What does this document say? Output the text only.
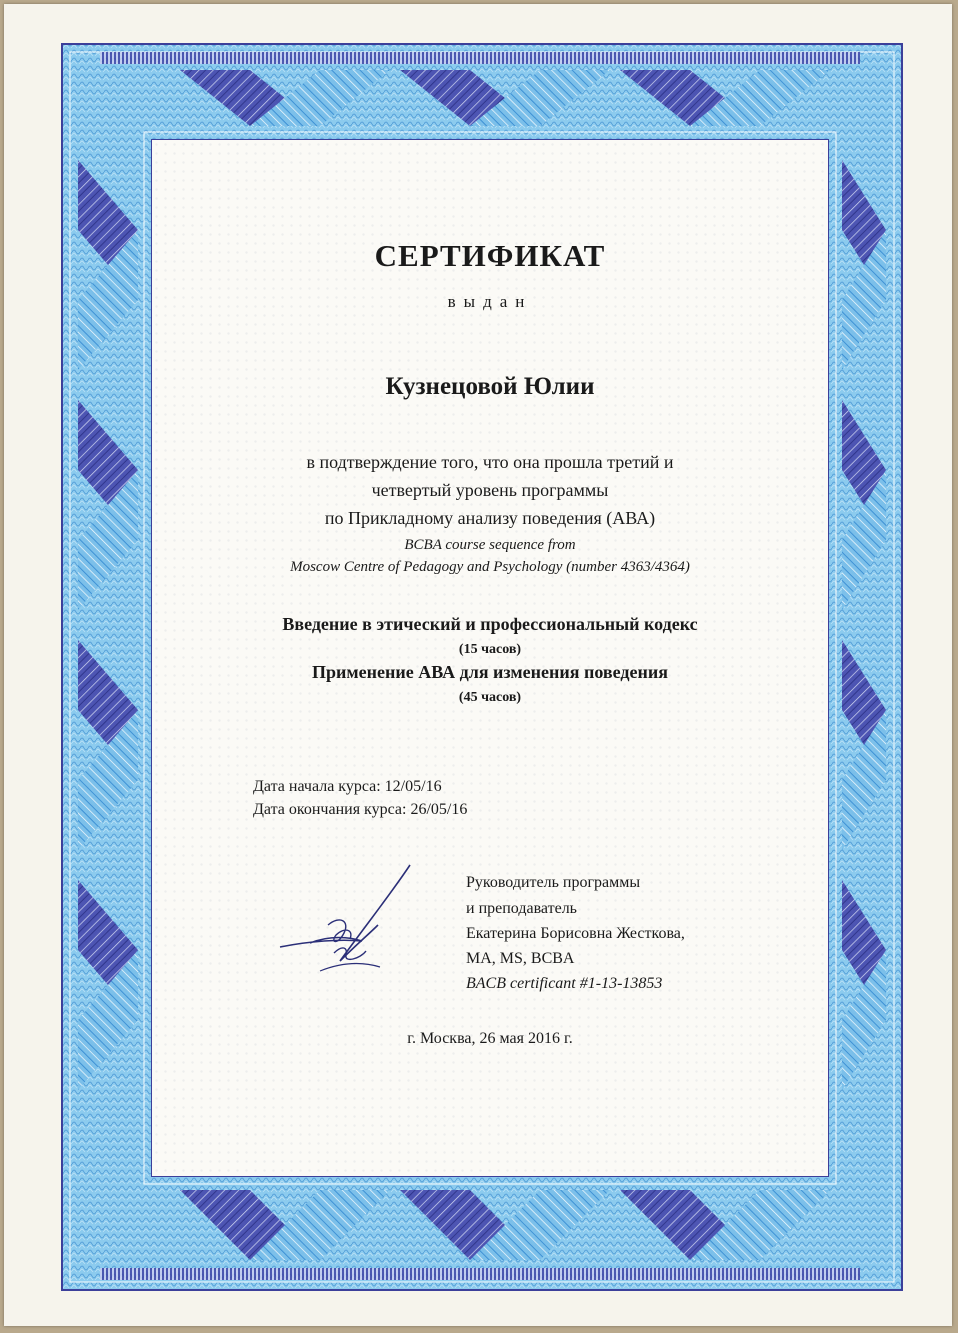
СЕРТИФИКАТ
выдан
Кузнецовой Юлии
в подтверждение того, что она прошла третий и
четвертый уровень программы
по Прикладному анализу поведения (АВА)
BCBA course sequence from
Moscow Centre of Pedagogy and Psychology (number 4363/4364)
Введение в этический и профессиональный кодекс
(15 часов)
Применение АВА для изменения поведения
(45 часов)
Дата начала курса: 12/05/16
Дата окончания курса: 26/05/16
Руководитель программы
и преподаватель
Екатерина Борисовна Жесткова,
MA, MS, BCBA
BACB certificant #1-13-13853
г. Москва, 26 мая 2016 г.
